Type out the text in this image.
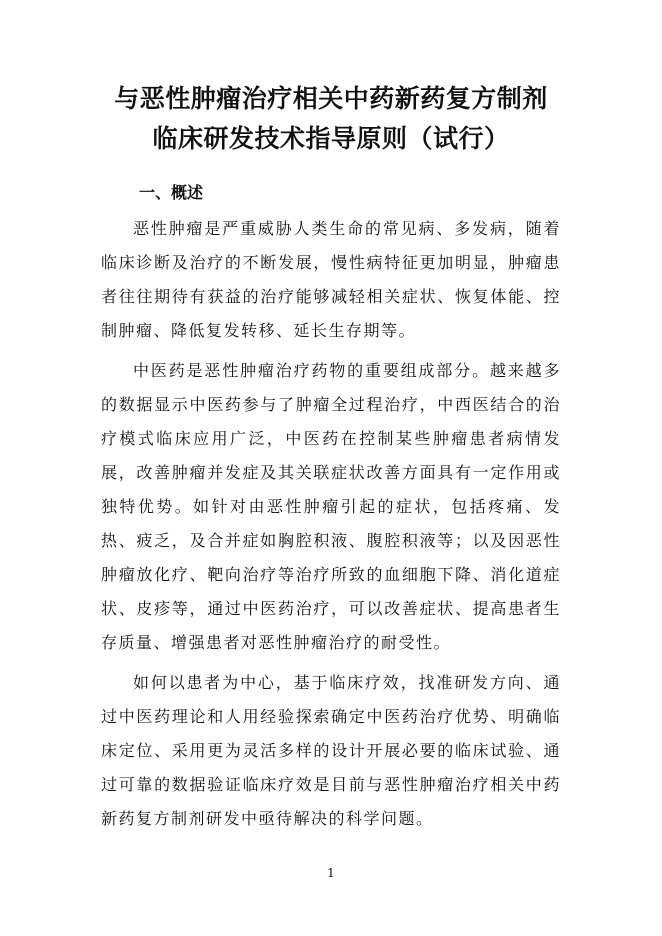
与恶性肿瘤治疗相关中药新药复方制剂
临床研发技术指导原则（试行）
一、概述

恶性肿瘤是严重威胁人类生命的常见病、多发病，随着临床诊断及治疗的不断发展，慢性病特征更加明显，肿瘤患者往往期待有获益的治疗能够减轻相关症状、恢复体能、控制肿瘤、降低复发转移、延长生存期等。

中医药是恶性肿瘤治疗药物的重要组成部分。越来越多的数据显示中医药参与了肿瘤全过程治疗，中西医结合的治疗模式临床应用广泛，中医药在控制某些肿瘤患者病情发展，改善肿瘤并发症及其关联症状改善方面具有一定作用或独特优势。如针对由恶性肿瘤引起的症状，包括疼痛、发热、疲乏，及合并症如胸腔积液、腹腔积液等；以及因恶性肿瘤放化疗、靶向治疗等治疗所致的血细胞下降、消化道症状、皮疹等，通过中医药治疗，可以改善症状、提高患者生存质量、增强患者对恶性肿瘤治疗的耐受性。

如何以患者为中心，基于临床疗效，找准研发方向、通过中医药理论和人用经验探索确定中医药治疗优势、明确临床定位、采用更为灵活多样的设计开展必要的临床试验、通过可靠的数据验证临床疗效是目前与恶性肿瘤治疗相关中药新药复方制剂研发中亟待解决的科学问题。

1
